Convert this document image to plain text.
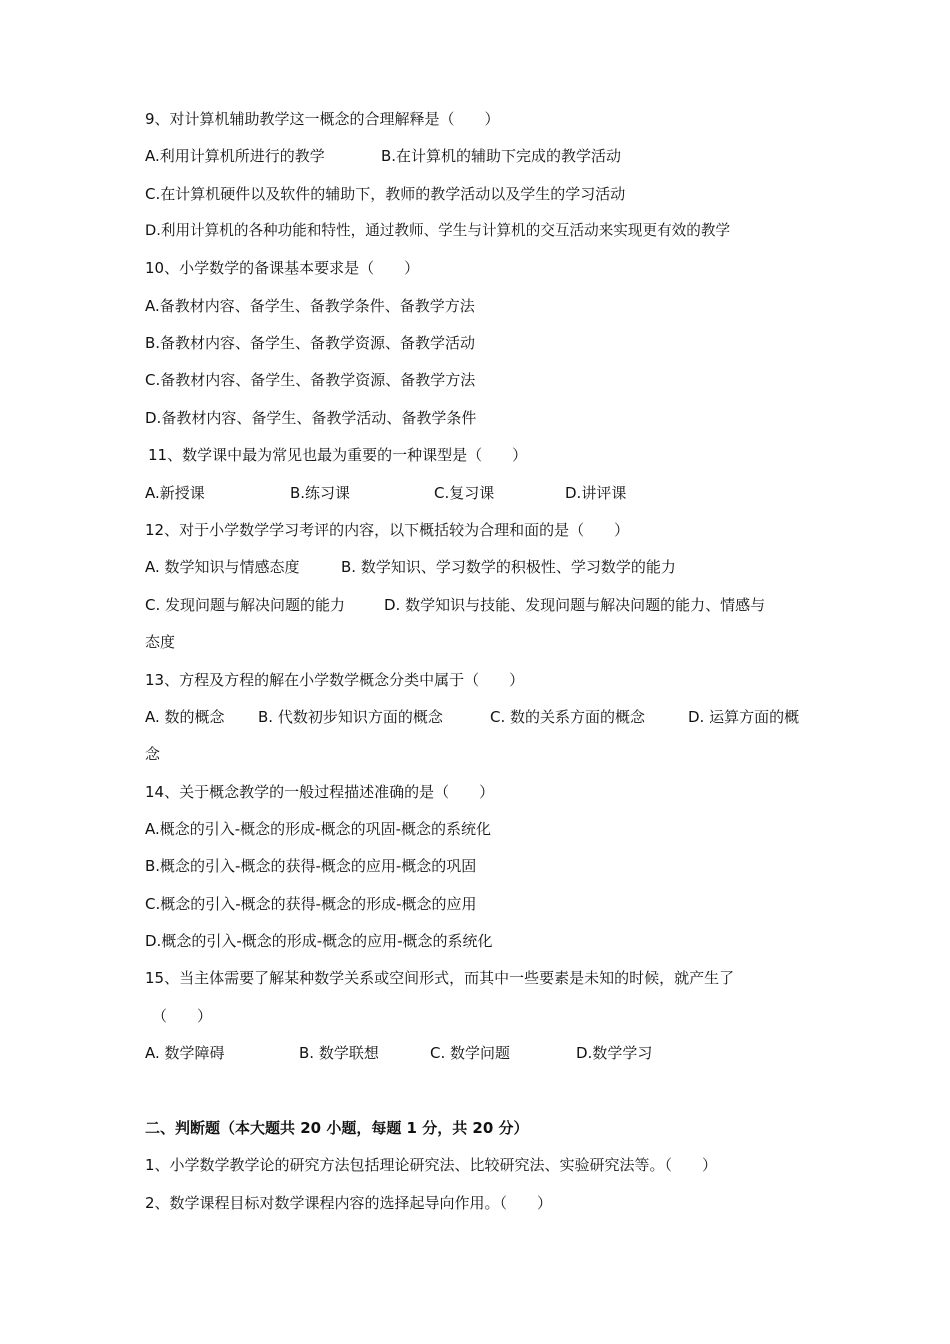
9、对计算机辅助教学这一概念的合理解释是（　　）
A.利用计算机所进行的教学	B.在计算机的辅助下完成的教学活动
C.在计算机硬件以及软件的辅助下，教师的教学活动以及学生的学习活动
D.利用计算机的各种功能和特性，通过教师、学生与计算机的交互活动来实现更有效的教学
10、小学数学的备课基本要求是（　　）
A.备教材内容、备学生、备教学条件、备教学方法
B.备教材内容、备学生、备教学资源、备教学活动
C.备教材内容、备学生、备教学资源、备教学方法
D.备教材内容、备学生、备教学活动、备教学条件
11、数学课中最为常见也最为重要的一种课型是（　　）
A.新授课	B.练习课	C.复习课	D.讲评课
12、对于小学数学学习考评的内容，以下概括较为合理和面的是（　　）
A. 数学知识与情感态度	B. 数学知识、学习数学的积极性、学习数学的能力
C. 发现问题与解决问题的能力	D. 数学知识与技能、发现问题与解决问题的能力、情感与
态度
13、方程及方程的解在小学数学概念分类中属于（　　）
A. 数的概念 B. 代数初步知识方面的概念	C. 数的关系方面的概念	D. 运算方面的概
念
14、关于概念教学的一般过程描述准确的是（　　）
A.概念的引入-概念的形成-概念的巩固-概念的系统化
B.概念的引入-概念的获得-概念的应用-概念的巩固
C.概念的引入-概念的获得-概念的形成-概念的应用
D.概念的引入-概念的形成-概念的应用-概念的系统化
15、当主体需要了解某种数学关系或空间形式，而其中一些要素是未知的时候，就产生了
（　　）
A. 数学障碍	B. 数学联想	C. 数学问题	D.数学学习
二、判断题（本大题共 20 小题，每题 1 分，共 20 分）
1、小学数学教学论的研究方法包括理论研究法、比较研究法、实验研究法等。（　　）
2、数学课程目标对数学课程内容的选择起导向作用。（　　）
